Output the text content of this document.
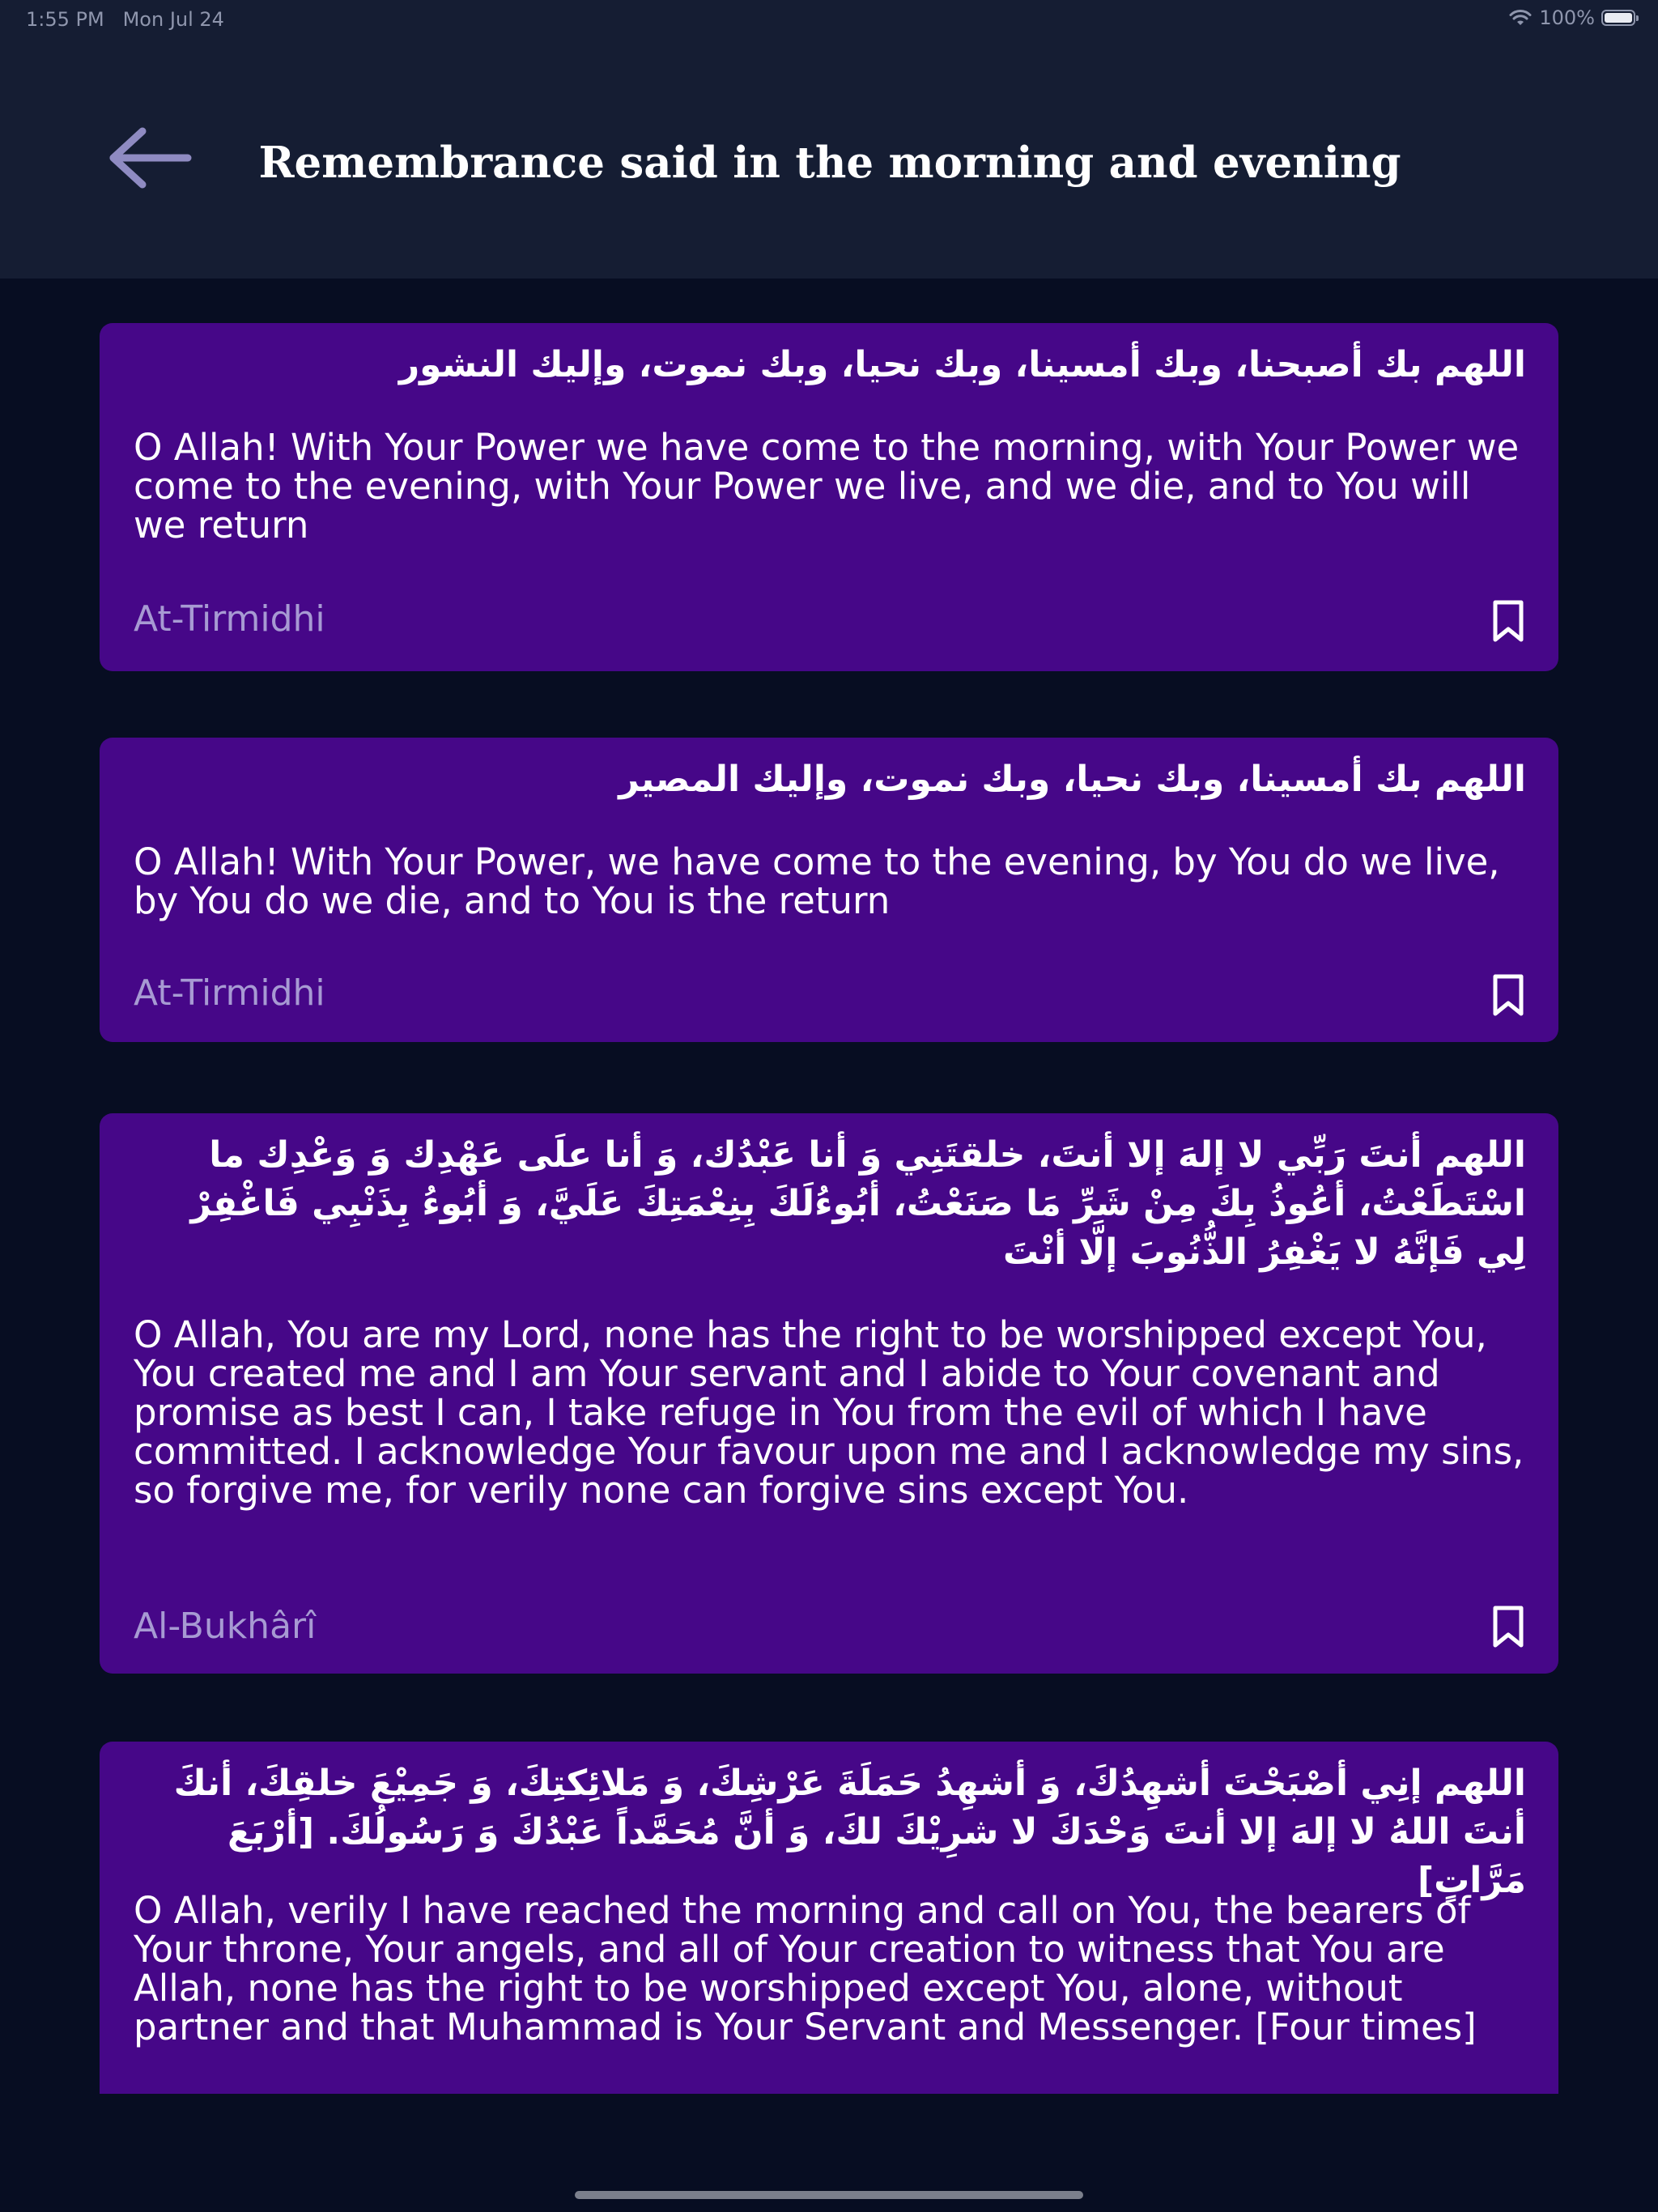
1:55 PM   Mon Jul 24	100%
Remembrance said in the morning and evening
اللهم بك أصبحنا، وبك أمسينا، وبك نحيا، وبك نموت، وإليك النشور
O Allah! With Your Power we have come to the morning, with Your Power we come to the evening, with Your Power we live, and we die, and to You will we return
At-Tirmidhi
اللهم بك أمسينا، وبك نحيا، وبك نموت، وإليك المصير
O Allah! With Your Power, we have come to the evening, by You do we live, by You do we die, and to You is the return
At-Tirmidhi
اللهم أنتَ رَبِّي لا إلهَ إلا أنتَ، خلقتَنِي وَ أنا عَبْدُك، وَ أنا علَى عَهْدِك وَ وَعْدِك ما اسْتَطَعْتُ، أعُوذُ بِكَ مِنْ شَرِّ مَا صَنَعْتُ، أبُوءُلَكَ بِنِعْمَتِكَ عَلَيَّ، وَ أبُوءُ بِذَنْبِي فَاغْفِرْ لِي فَإنَّهُ لا يَغْفِرُ الذُّنُوبَ إلَّا أنْتَ
O Allah, You are my Lord, none has the right to be worshipped except You, You created me and I am Your servant and I abide to Your covenant and promise as best I can, I take refuge in You from the evil of which I have committed. I acknowledge Your favour upon me and I acknowledge my sins, so forgive me, for verily none can forgive sins except You.
Al-Bukhârî
اللهم إنِي أصْبَحْتَ أشهِدُكَ، وَ أشهِدُ حَمَلَةَ عَرْشِكَ، وَ مَلائِكتِكَ، وَ جَمِيْعَ خلقِكَ، أنكَ أنتَ اللهُ لا إلهَ إلا أنتَ وَحْدَكَ لا شرِيْكَ لكَ، وَ أنَّ مُحَمَّداً عَبْدُكَ وَ رَسُولُكَ. [أرْبَعَ مَرَّاتٍ]
O Allah, verily I have reached the morning and call on You, the bearers of Your throne, Your angels, and all of Your creation to witness that You are Allah, none has the right to be worshipped except You, alone, without partner and that Muhammad is Your Servant and Messenger. [Four times]
